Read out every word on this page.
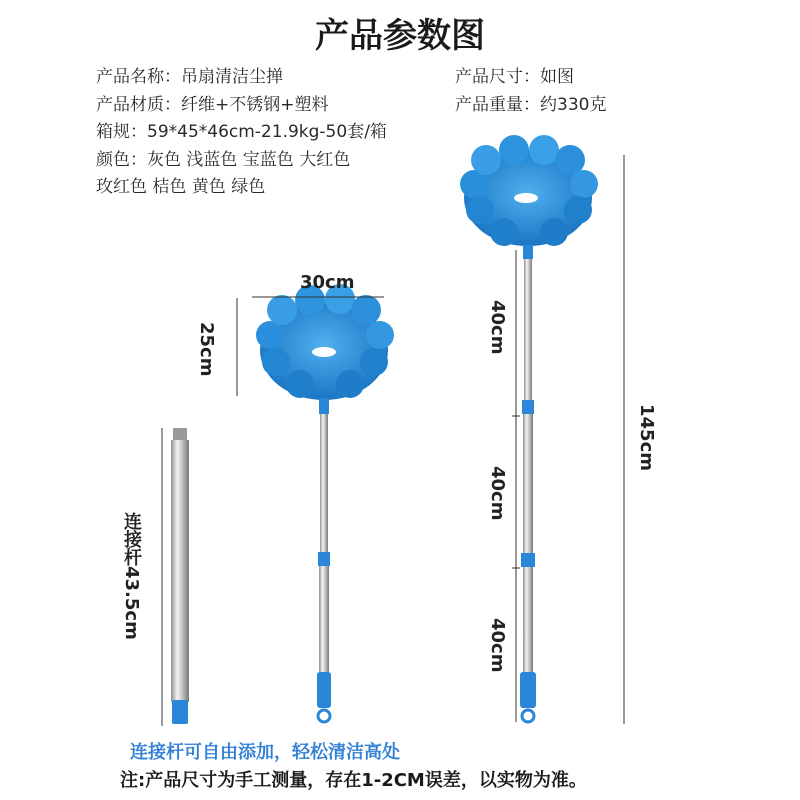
产品参数图
产品名称：吊扇清洁尘掸
产品材质：纤维+不锈钢+塑料
箱规：59*45*46cm-21.9kg-50套/箱
颜色：灰色 浅蓝色 宝蓝色 大红色
玫红色 桔色 黄色 绿色
产品尺寸：如图
产品重量：约330克
30cm
25cm
连接杆43.5cm
40cm
40cm
40cm
145cm
连接杆可自由添加，轻松清洁高处
注:产品尺寸为手工测量，存在1-2CM误差，以实物为准。
